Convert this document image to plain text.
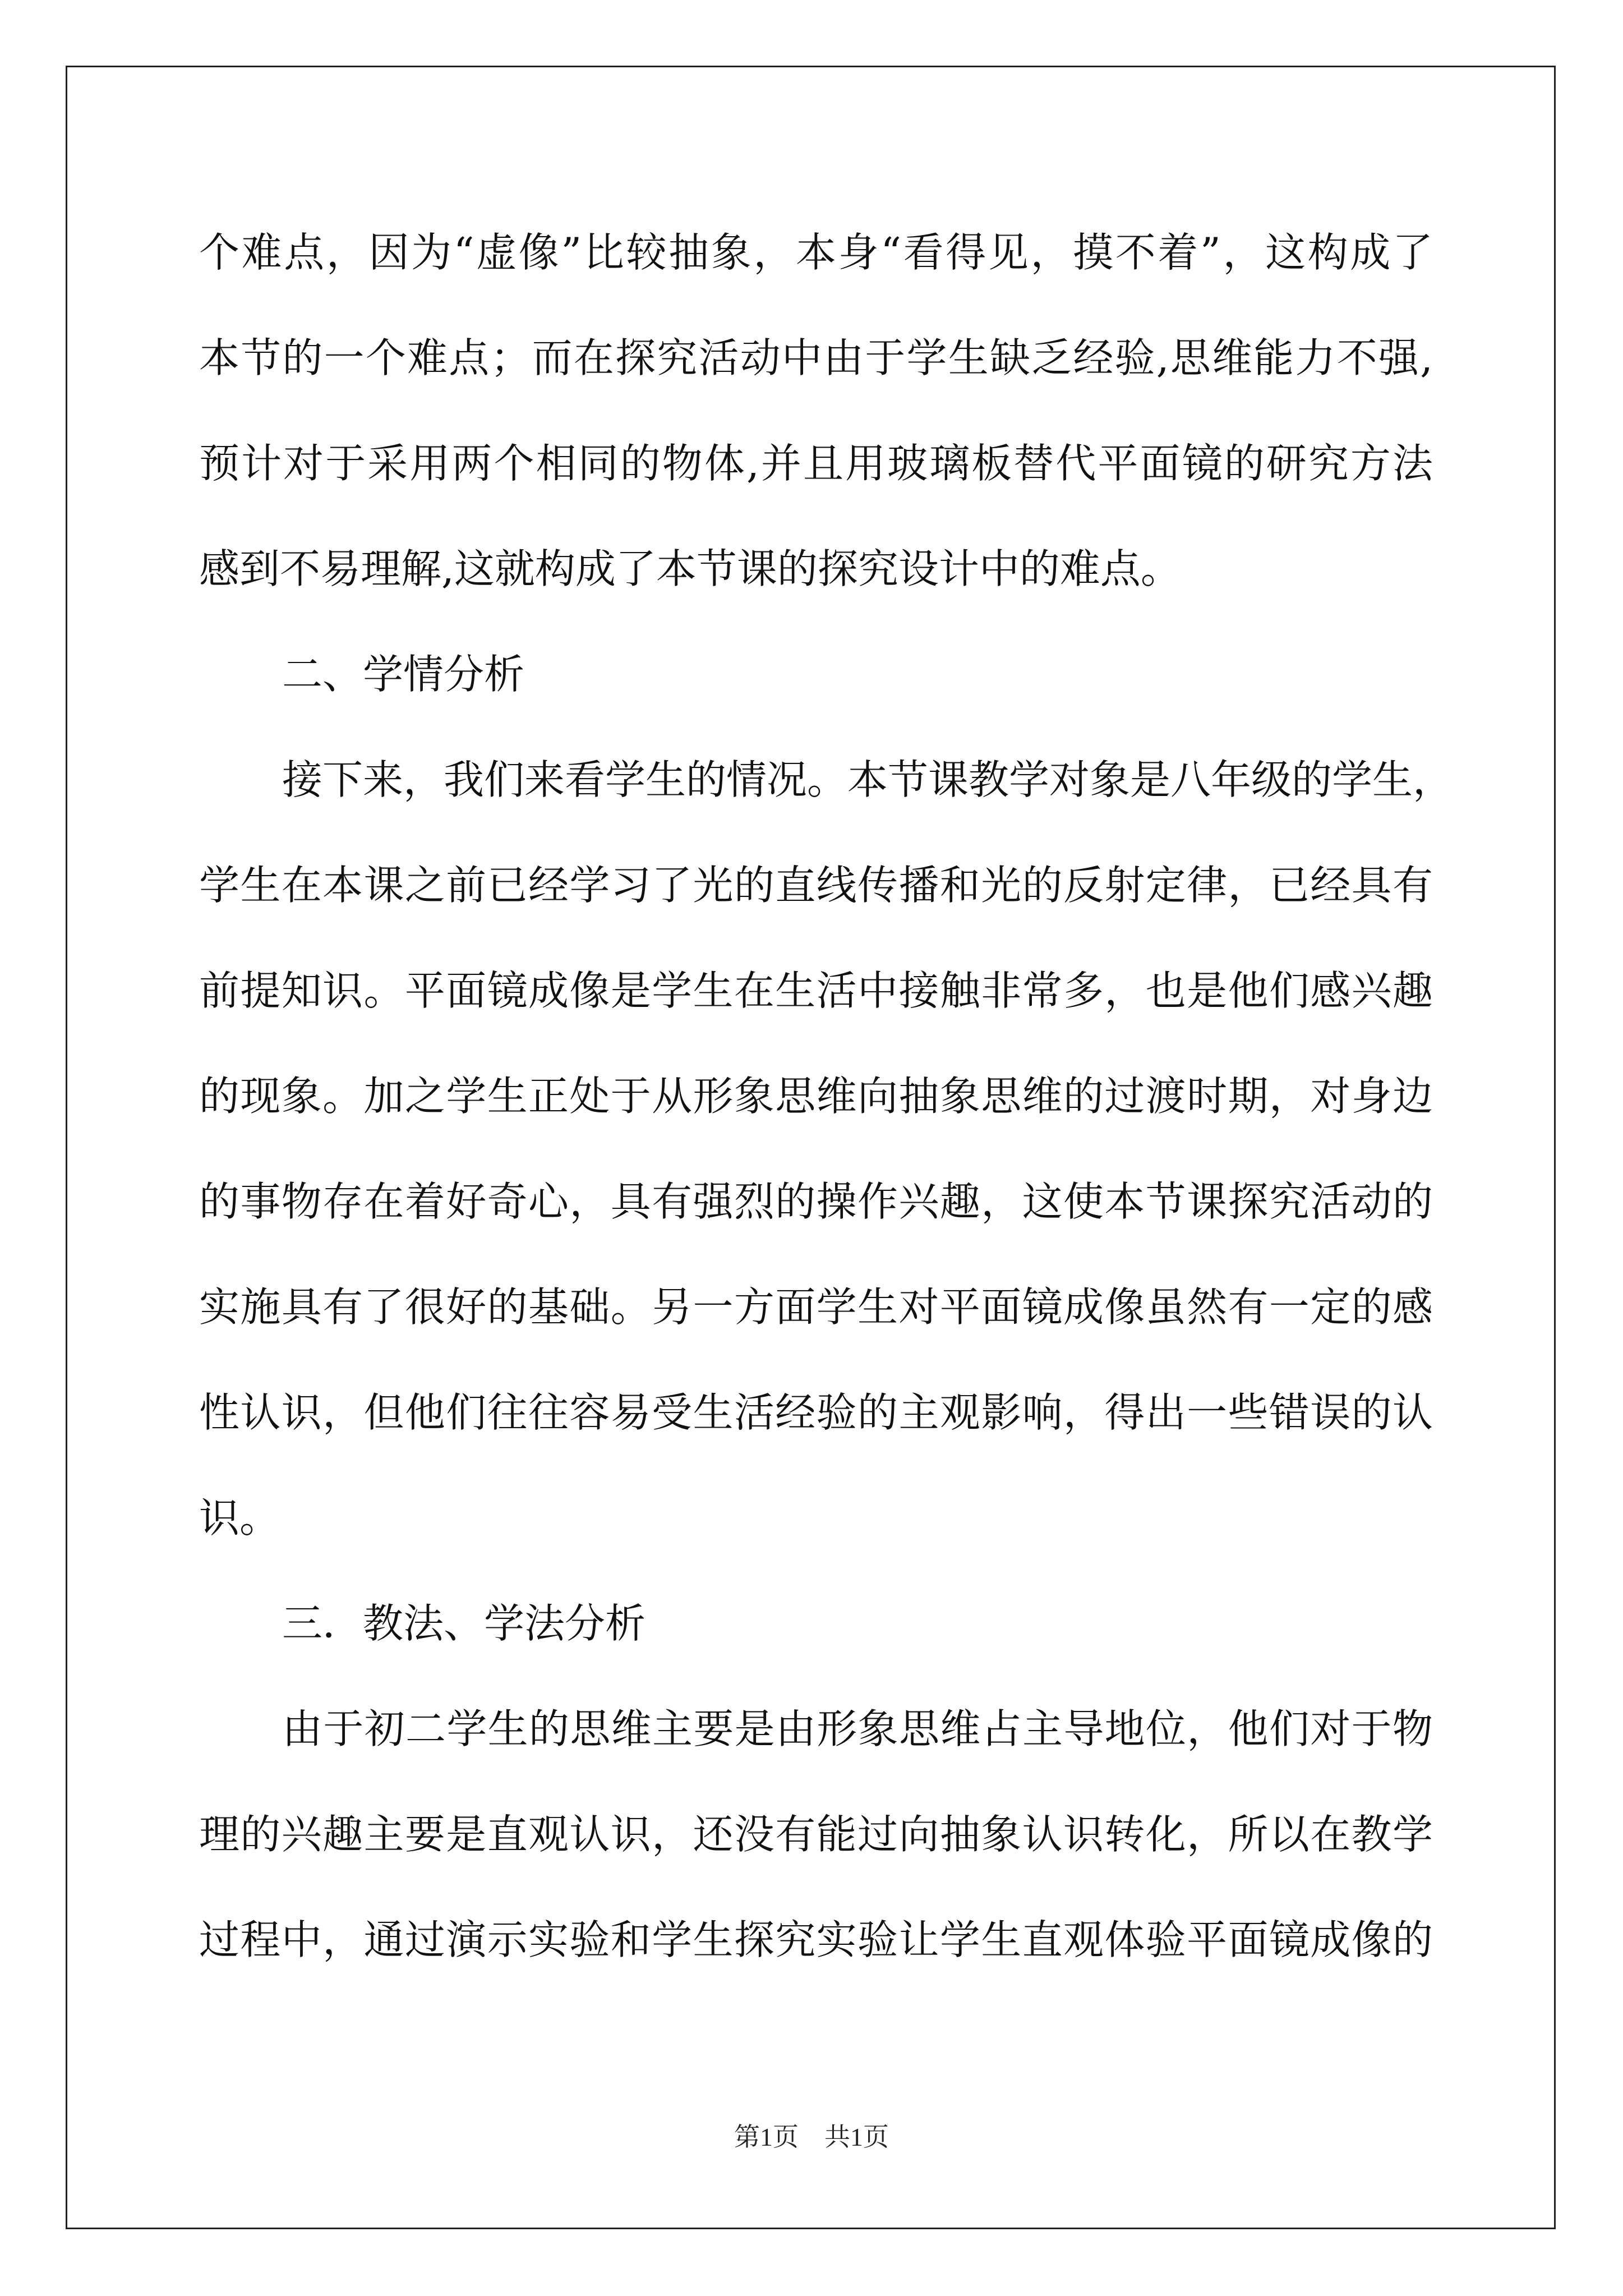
个难点，因为“虚像”比较抽象，本身“看得见，摸不着”，这构成了
本节的一个难点；而在探究活动中由于学生缺乏经验,思维能力不强,
预计对于采用两个相同的物体,并且用玻璃板替代平面镜的研究方法
感到不易理解,这就构成了本节课的探究设计中的难点。
二、学情分析
接下来，我们来看学生的情况。本节课教学对象是八年级的学生，
学生在本课之前已经学习了光的直线传播和光的反射定律，已经具有
前提知识。平面镜成像是学生在生活中接触非常多，也是他们感兴趣
的现象。加之学生正处于从形象思维向抽象思维的过渡时期，对身边
的事物存在着好奇心，具有强烈的操作兴趣，这使本节课探究活动的
实施具有了很好的基础。另一方面学生对平面镜成像虽然有一定的感
性认识，但他们往往容易受生活经验的主观影响，得出一些错误的认
识。
三．教法、学法分析
由于初二学生的思维主要是由形象思维占主导地位，他们对于物
理的兴趣主要是直观认识，还没有能过向抽象认识转化，所以在教学
过程中，通过演示实验和学生探究实验让学生直观体验平面镜成像的
第1页　共1页
